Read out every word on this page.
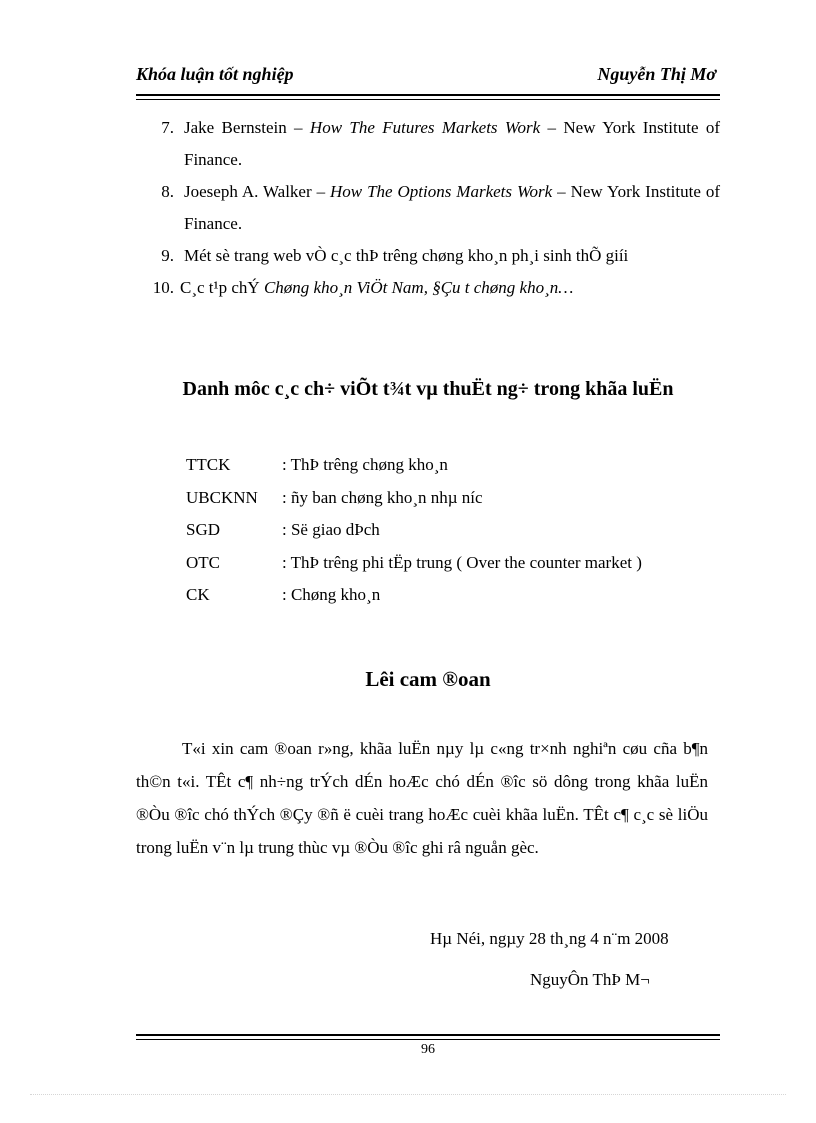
Khóa luận tốt nghiệp	Nguyễn Thị Mơ
7. Jake Bernstein – How The Futures Markets Work – New York Institute of Finance.
8. Joeseph A. Walker – How The Options Markets Work – New York Institute of Finance.
9. Mét sè trang web vÒ c¸c thÞ trêng chøng kho¸n ph¸i sinh thÕ giíi
10. C¸c t¹p chÝ Chøng kho¸n ViÖt Nam, §Çu t chøng kho¸n…
Danh môc c¸c ch÷ viÕt t¾t vµ thuËt ng÷ trong khãa luËn
TTCK	: ThÞ trêng chøng kho¸n
UBCKNN	: ñy ban chøng kho¸n nhµ níc
SGD	: Së giao dÞch
OTC	: ThÞ trêng phi tËp trung ( Over the counter market )
CK	: Chøng kho¸n
Lêi cam ®oan
T«i xin cam ®oan r»ng, khãa luËn nµy lµ c«ng tr×nh nghiªn cøu cña b¶n th©n t«i. TÊt c¶ nh÷ng trÝch dÉn hoÆc chó dÉn ®îc sö dông trong khãa luËn ®Òu ®îc chó thÝch ®Çy ®ñ ë cuèi trang hoÆc cuèi khãa luËn. TÊt c¶ c¸c sè liÖu trong luËn v¨n lµ trung thùc vµ ®Òu ®îc ghi râ nguån gèc.
Hµ Néi, ngµy 28 th¸ng 4 n¨m 2008
NguyÔn ThÞ M¬
96
